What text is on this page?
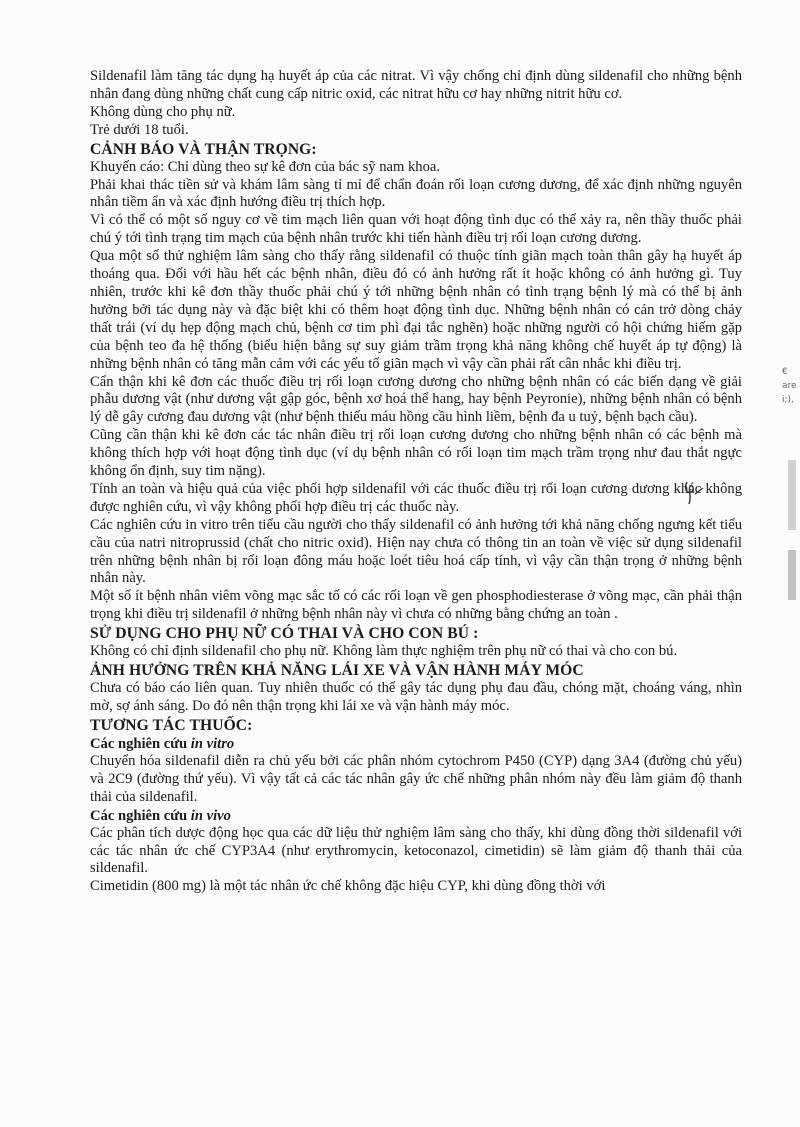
Sildenafil làm tăng tác dụng hạ huyết áp của các nitrat. Vì vậy chống chỉ định dùng sildenafil cho những bệnh nhân đang dùng những chất cung cấp nitric oxid, các nitrat hữu cơ hay những nitrit hữu cơ.

Không dùng cho phụ nữ.

Trẻ dưới 18 tuổi.

CẢNH BÁO VÀ THẬN TRỌNG:

Khuyến cáo: Chỉ dùng theo sự kê đơn của bác sỹ nam khoa.

Phải khai thác tiền sử và khám lâm sàng tỉ mỉ để chẩn đoán rối loạn cương dương, để xác định những nguyên nhân tiềm ẩn và xác định hướng điều trị thích hợp.

Vì có thể có một số nguy cơ về tim mạch liên quan với hoạt động tình dục có thể xảy ra, nên thầy thuốc phải chú ý tới tình trạng tim mạch của bệnh nhân trước khi tiến hành điều trị rối loạn cương dương.

Qua một số thử nghiệm lâm sàng cho thấy rằng sildenafil có thuộc tính giãn mạch toàn thân gây hạ huyết áp thoáng qua. Đối với hầu hết các bệnh nhân, điều đó có ảnh hưởng rất ít hoặc không có ảnh hưởng gì. Tuy nhiên, trước khi kê đơn thầy thuốc phải chú ý tới những bệnh nhân có tình trạng bệnh lý mà có thể bị ảnh hưởng bởi tác dụng này và đặc biệt khi có thêm hoạt động tình dục. Những bệnh nhân có cản trở dòng chảy thất trái (ví dụ hẹp động mạch chủ, bệnh cơ tim phì đại tắc nghẽn) hoặc những người có hội chứng hiếm gặp của bệnh teo đa hệ thống (biểu hiện bằng sự suy giảm trầm trọng khả năng không chế huyết áp tự động) là những bệnh nhân có tăng mẫn cảm với các yếu tố giãn mạch vì vậy cần phải rất cân nhắc khi điều trị.

Cẩn thận khi kê đơn các thuốc điều trị rối loạn cương dương cho những bệnh nhân có các biến dạng về giải phẫu dương vật (như dương vật gập góc, bệnh xơ hoá thể hang, hay bệnh Peyronie), những bệnh nhân có bệnh lý dễ gây cương đau dương vật (như bệnh thiếu máu hồng cầu hình liềm, bệnh đa u tuỷ, bệnh bạch cầu).

Cũng cần thận khi kê đơn các tác nhân điều trị rối loạn cương dương cho những bệnh nhân có các bệnh mà không thích hợp với hoạt động tình dục (ví dụ bệnh nhân có rối loạn tim mạch trầm trọng như đau thắt ngực không ổn định, suy tim nặng).

Tính an toàn và hiệu quả của việc phối hợp sildenafil với các thuốc điều trị rối loạn cương dương khác không được nghiên cứu, vì vậy không phối hợp điều trị các thuốc này.

Các nghiên cứu in vitro trên tiểu cầu người cho thấy sildenafil có ảnh hưởng tới khả năng chống ngưng kết tiểu cầu của natri nitroprussid (chất cho nitric oxid). Hiện nay chưa có thông tin an toàn về việc sử dụng sildenafil trên những bệnh nhân bị rối loạn đông máu hoặc loét tiêu hoá cấp tính, vì vậy cần thận trọng ở những bệnh nhân này.

Một số ít bệnh nhân viêm võng mạc sắc tố có các rối loạn về gen phosphodiesterase ở võng mạc, cần phải thận trọng khi điều trị sildenafil ở những bệnh nhân này vì chưa có những bằng chứng an toàn .

SỬ DỤNG CHO PHỤ NỮ CÓ THAI VÀ CHO CON BÚ :

Không có chỉ định sildenafil cho phụ nữ. Không làm thực nghiệm trên phụ nữ có thai và cho con bú.

ẢNH HƯỞNG TRÊN KHẢ NĂNG LÁI XE VÀ VẬN HÀNH MÁY MÓC

Chưa có báo cáo liên quan. Tuy nhiên thuốc có thể gây tác dụng phụ đau đầu, chóng mặt, choáng váng, nhìn mờ, sợ ánh sáng. Do đó nên thận trọng khi lái xe và vận hành máy móc.

TƯƠNG TÁC THUỐC:
Các nghiên cứu in vitro

Chuyển hóa sildenafil diễn ra chủ yếu bởi các phân nhóm cytochrom P450 (CYP) dạng 3A4 (đường chủ yếu) và 2C9 (đường thứ yếu). Vì vậy tất cả các tác nhân gây ức chế những phân nhóm này đều làm giảm độ thanh thải của sildenafil.

Các nghiên cứu in vivo

Các phân tích dược động học qua các dữ liệu thử nghiệm lâm sàng cho thấy, khi dùng đồng thời sildenafil với các tác nhân ức chế CYP3A4 (như erythromycin, ketoconazol, cimetidin) sẽ làm giảm độ thanh thải của sildenafil.

Cimetidin (800 mg) là một tác nhân ức chế không đặc hiệu CYP, khi dùng đồng thời với

€
are
i;),
